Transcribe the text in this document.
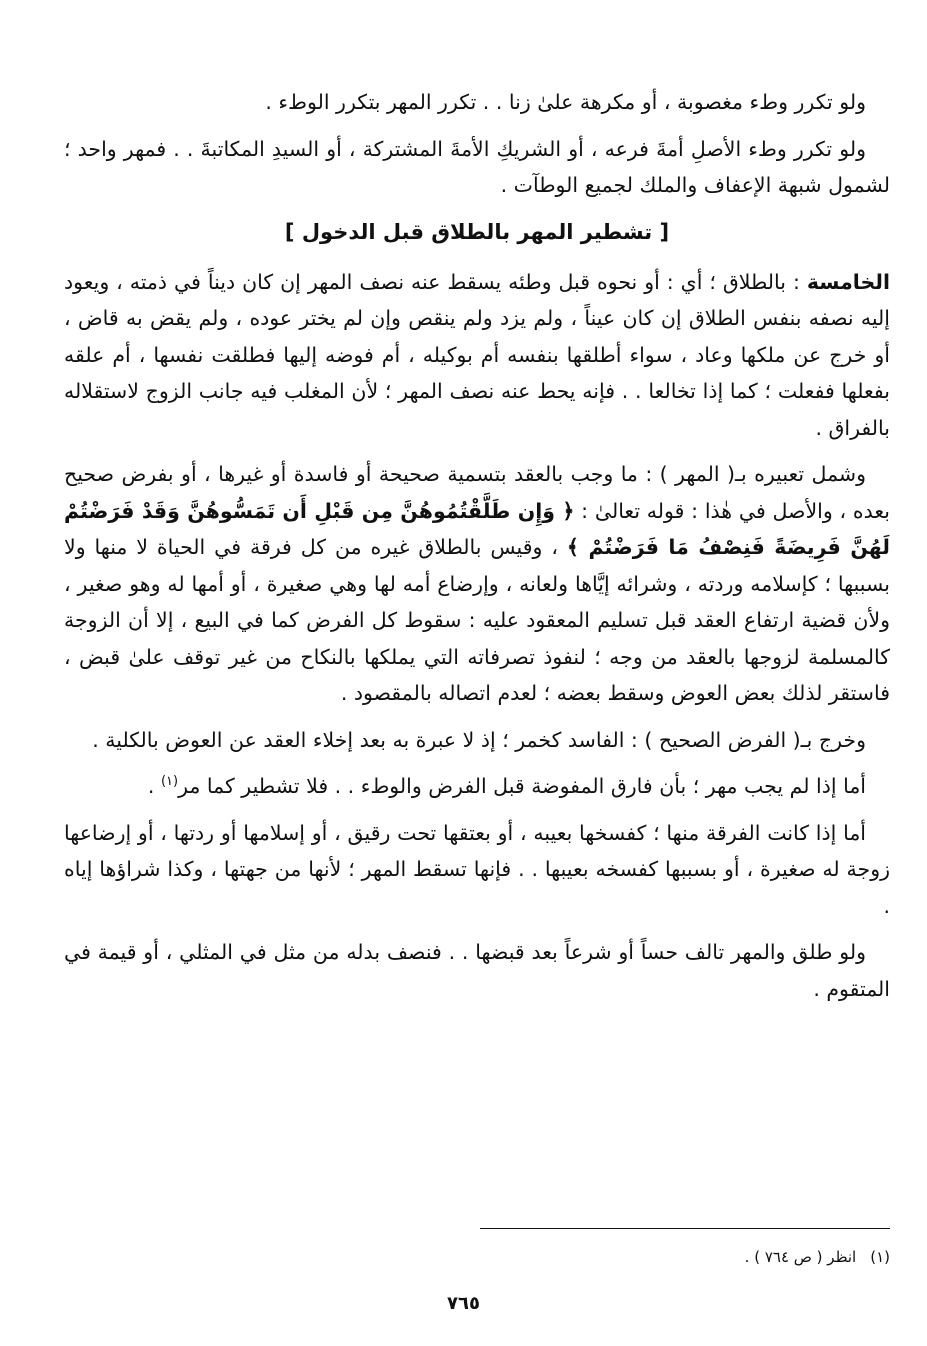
ولو تكرر وطء مغصوبة ، أو مكرهة علىٰ زنا . . تكرر المهر بتكرر الوطء .

ولو تكرر وطء الأصلِ أمةَ فرعه ، أو الشريكِ الأمةَ المشتركة ، أو السيدِ المكاتبةَ . . فمهر واحد ؛ لشمول شبهة الإعفاف والملك لجميع الوطآت .

[ تشطير المهر بالطلاق قبل الدخول ]

الخامسة : بالطلاق ؛ أي : أو نحوه قبل وطئه يسقط عنه نصف المهر إن كان ديناً في ذمته ، ويعود إليه نصفه بنفس الطلاق إن كان عيناً ، ولم يزد ولم ينقص وإن لم يختر عوده ، ولم يقض به قاض ، أو خرج عن ملكها وعاد ، سواء أطلقها بنفسه أم بوكيله ، أم فوضه إليها فطلقت نفسها ، أم علقه بفعلها ففعلت ؛ كما إذا تخالعا . . فإنه يحط عنه نصف المهر ؛ لأن المغلب فيه جانب الزوج لاستقلاله بالفراق .

وشمل تعبيره بـ( المهر ) : ما وجب بالعقد بتسمية صحيحة أو فاسدة أو غيرها ، أو بفرض صحيح بعده ، والأصل في هٰذا : قوله تعالىٰ : ﴿ وَإِن طَلَّقْتُمُوهُنَّ مِن قَبْلِ أَن تَمَسُّوهُنَّ وَقَدْ فَرَضْتُمْ لَهُنَّ فَرِيضَةً فَنِصْفُ مَا فَرَضْتُمْ ﴾ ، وقيس بالطلاق غيره من كل فرقة في الحياة لا منها ولا بسببها ؛ كإسلامه وردته ، وشرائه إيَّاها ولعانه ، وإرضاع أمه لها وهي صغيرة ، أو أمها له وهو صغير ، ولأن قضية ارتفاع العقد قبل تسليم المعقود عليه : سقوط كل الفرض كما في البيع ، إلا أن الزوجة كالمسلمة لزوجها بالعقد من وجه ؛ لنفوذ تصرفاته التي يملكها بالنكاح من غير توقف علىٰ قبض ، فاستقر لذلك بعض العوض وسقط بعضه ؛ لعدم اتصاله بالمقصود .

وخرج بـ( الفرض الصحيح ) : الفاسد كخمر ؛ إذ لا عبرة به بعد إخلاء العقد عن العوض بالكلية .

أما إذا لم يجب مهر ؛ بأن فارق المفوضة قبل الفرض والوطء . . فلا تشطير كما مر$^{(١)}$ .

أما إذا كانت الفرقة منها ؛ كفسخها بعيبه ، أو بعتقها تحت رقيق ، أو إسلامها أو ردتها ، أو إرضاعها زوجة له صغيرة ، أو بسببها كفسخه بعيبها . . فإنها تسقط المهر ؛ لأنها من جهتها ، وكذا شراؤها إياه .

ولو طلق والمهر تالف حساً أو شرعاً بعد قبضها . . فنصف بدله من مثل في المثلي ، أو قيمة في المتقوم .

(١)انظر ( ص ٧٦٤ ) .
٧٦٥
